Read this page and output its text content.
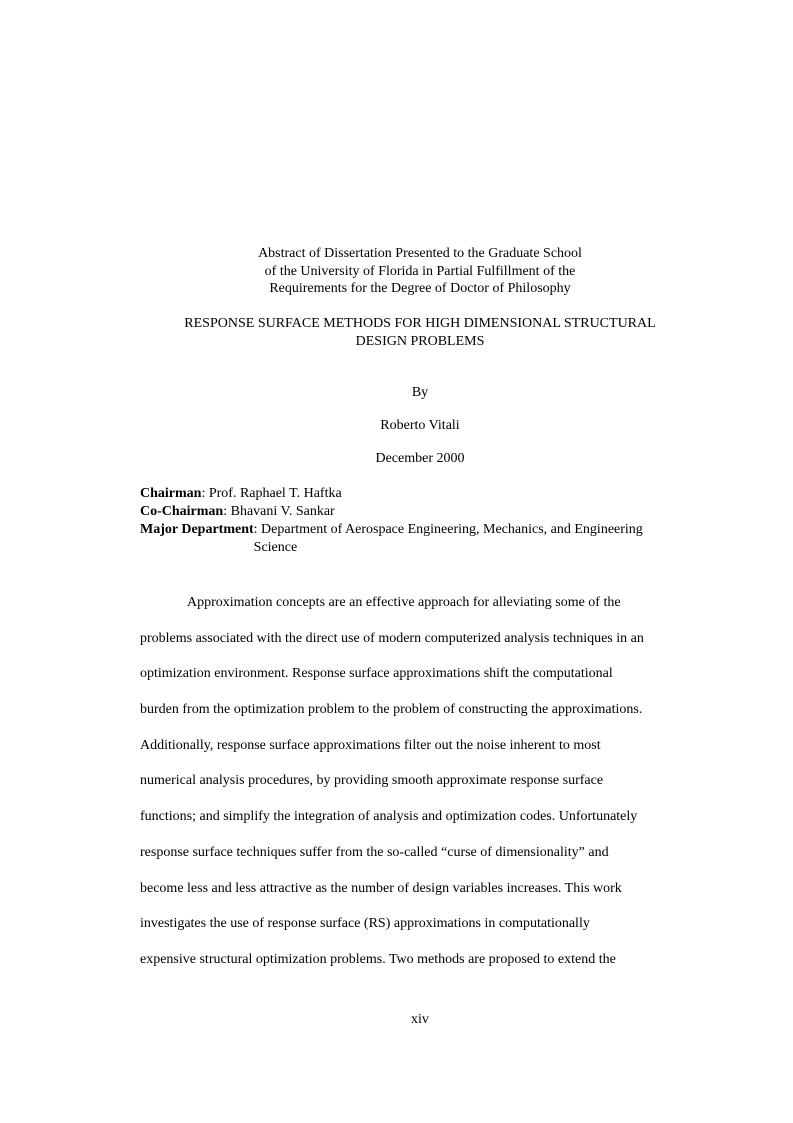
Abstract of Dissertation Presented to the Graduate School
of the University of Florida in Partial Fulfillment of the
Requirements for the Degree of Doctor of Philosophy
RESPONSE SURFACE METHODS FOR HIGH DIMENSIONAL STRUCTURAL
DESIGN PROBLEMS
By
Roberto Vitali
December 2000
Chairman : Prof. Raphael T. Haftka
Co-Chairman : Bhavani V. Sankar
Major Department : Department of Aerospace Engineering, Mechanics, and Engineering
Science
Approximation concepts are an effective approach for alleviating some of the
problems associated with the direct use of modern computerized analysis techniques in an
optimization environment. Response surface approximations shift the computational
burden from the optimization problem to the problem of constructing the approximations.
Additionally, response surface approximations filter out the noise inherent to most
numerical analysis procedures, by providing smooth approximate response surface
functions; and simplify the integration of analysis and optimization codes. Unfortunately
response surface techniques suffer from the so-called “curse of dimensionality” and
become less and less attractive as the number of design variables increases. This work
investigates the use of response surface (RS) approximations in computationally
expensive structural optimization problems. Two methods are proposed to extend the
xiv
